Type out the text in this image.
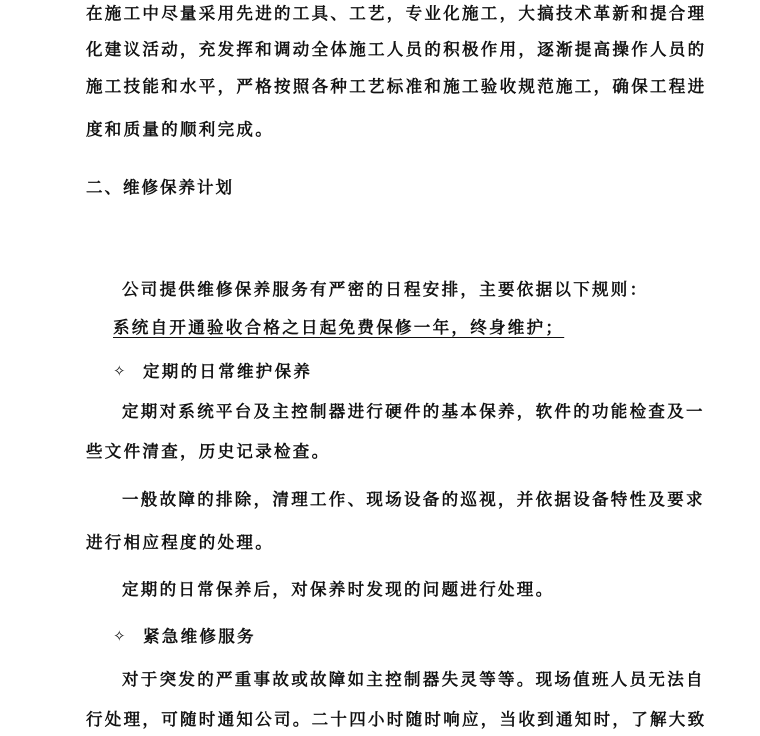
在施工中尽量采用先进的工具、工艺，专业化施工，大搞技术革新和提合理
化建议活动，充发挥和调动全体施工人员的积极作用，逐渐提高操作人员的
施工技能和水平，严格按照各种工艺标准和施工验收规范施工，确保工程进
度和质量的顺利完成。
二、维修保养计划
公司提供维修保养服务有严密的日程安排，主要依据以下规则：
系统自开通验收合格之日起免费保修一年，终身维护；
✧ 定期的日常维护保养
定期对系统平台及主控制器进行硬件的基本保养，软件的功能检查及一
些文件清查，历史记录检查。
一般故障的排除，清理工作、现场设备的巡视，并依据设备特性及要求
进行相应程度的处理。
定期的日常保养后，对保养时发现的问题进行处理。
✧ 紧急维修服务
对于突发的严重事故或故障如主控制器失灵等等。现场值班人员无法自
行处理，可随时通知公司。二十四小时随时响应，当收到通知时，了解大致
